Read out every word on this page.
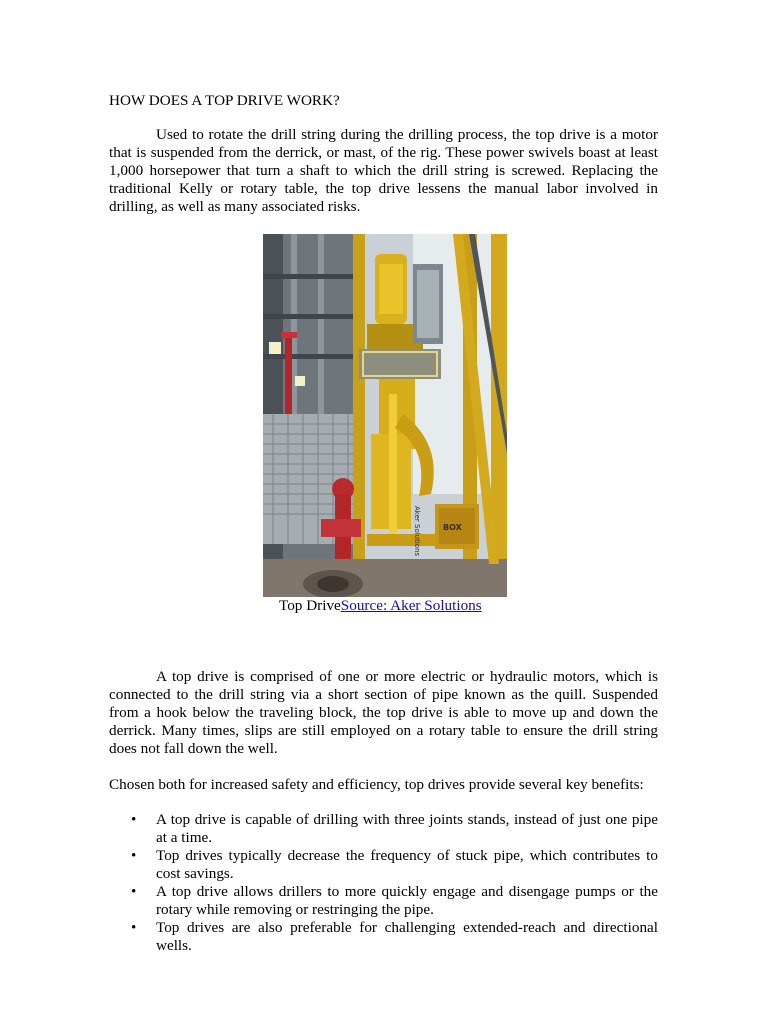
HOW DOES A TOP DRIVE WORK?

Used to rotate the drill string during the drilling process, the top drive is a motor that is suspended from the derrick, or mast, of the rig. These power swivels boast at least 1,000 horsepower that turn a shaft to which the drill string is screwed. Replacing the traditional Kelly or rotary table, the top drive lessens the manual labor involved in drilling, as well as many associated risks.

Aker Solutions	BOX

Top DriveSource: Aker Solutions

A top drive is comprised of one or more electric or hydraulic motors, which is connected to the drill string via a short section of pipe known as the quill. Suspended from a hook below the traveling block, the top drive is able to move up and down the derrick. Many times, slips are still employed on a rotary table to ensure the drill string does not fall down the well.

Chosen both for increased safety and efficiency, top drives provide several key benefits:

• A top drive is capable of drilling with three joints stands, instead of just one pipe at a time.
• Top drives typically decrease the frequency of stuck pipe, which contributes to cost savings.
• A top drive allows drillers to more quickly engage and disengage pumps or the rotary while removing or restringing the pipe.
• Top drives are also preferable for challenging extended-reach and directional wells.
